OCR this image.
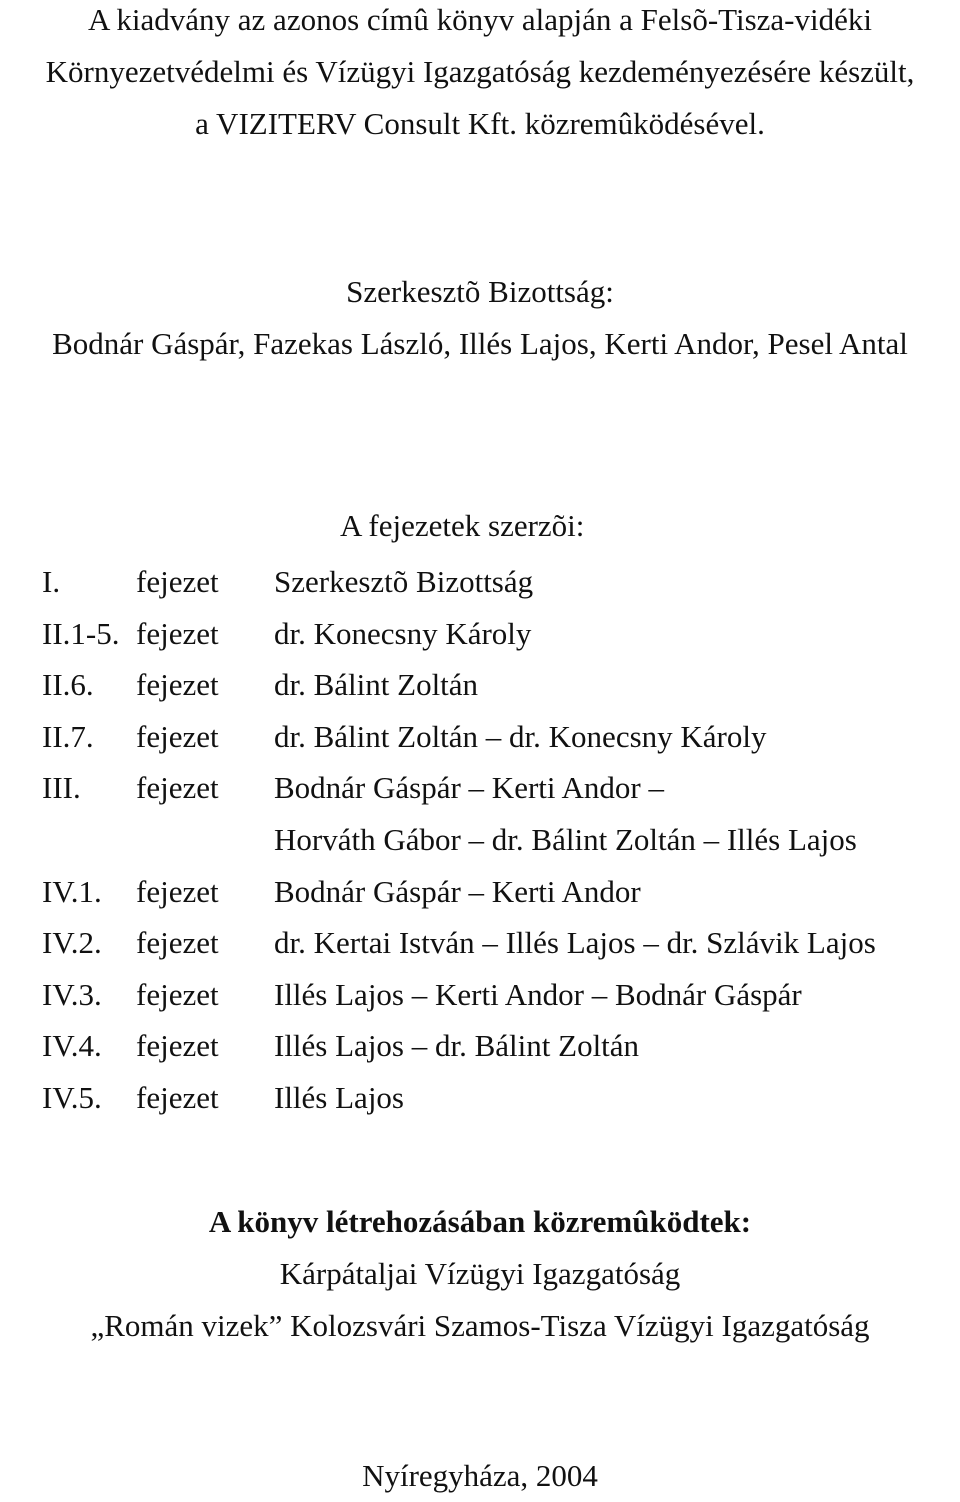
A kiadvány az azonos címû könyv alapján a Felsõ-Tisza-vidéki
Környezetvédelmi és Vízügyi Igazgatóság kezdeményezésére készült,
a VIZITERV Consult Kft. közremûködésével.
Szerkesztõ Bizottság:
Bodnár Gáspár, Fazekas László, Illés Lajos, Kerti Andor, Pesel Antal
A fejezetek szerzõi:
I. fejezet Szerkesztõ Bizottság
II.1-5. fejezet dr. Konecsny Károly
II.6. fejezet dr. Bálint Zoltán
II.7. fejezet dr. Bálint Zoltán – dr. Konecsny Károly
III. fejezet Bodnár Gáspár – Kerti Andor –
Horváth Gábor – dr. Bálint Zoltán – Illés Lajos
IV.1. fejezet Bodnár Gáspár – Kerti Andor
IV.2. fejezet dr. Kertai István – Illés Lajos – dr. Szlávik Lajos
IV.3. fejezet Illés Lajos – Kerti Andor – Bodnár Gáspár
IV.4. fejezet Illés Lajos – dr. Bálint Zoltán
IV.5. fejezet Illés Lajos
A könyv létrehozásában közremûködtek:
Kárpátaljai Vízügyi Igazgatóság
„Román vizek” Kolozsvári Szamos-Tisza Vízügyi Igazgatóság
Nyíregyháza, 2004
